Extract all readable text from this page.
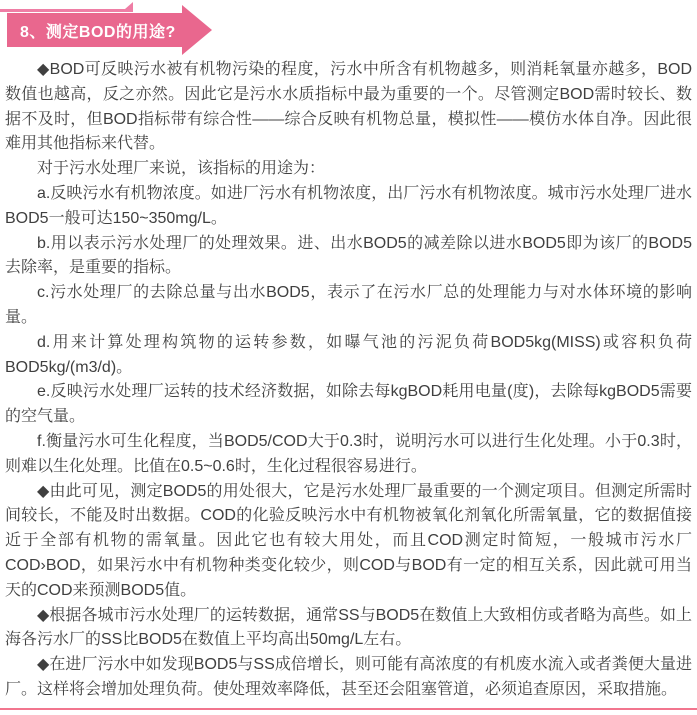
8、测定BOD的用途?

◆BOD可反映污水被有机物污染的程度，污水中所含有机物越多，则消耗氧量亦越多，BOD数值也越高，反之亦然。因此它是污水水质指标中最为重要的一个。尽管测定BOD需时较长、数据不及时，但BOD指标带有综合性——综合反映有机物总量，模拟性——模仿水体自净。因此很难用其他指标来代替。

对于污水处理厂来说，该指标的用途为：

a.反映污水有机物浓度。如进厂污水有机物浓度，出厂污水有机物浓度。城市污水处理厂进水BOD5一般可达150~350mg/L。

b.用以表示污水处理厂的处理效果。进、出水BOD5的减差除以进水BOD5即为该厂的BOD5去除率，是重要的指标。

c.污水处理厂的去除总量与出水BOD5，表示了在污水厂总的处理能力与对水体环境的影响量。

d.用来计算处理构筑物的运转参数，如曝气池的污泥负荷BOD5kg(MISS)或容积负荷BOD5kg/(m3/d)。

e.反映污水处理厂运转的技术经济数据，如除去每kgBOD耗用电量(度)，去除每kgBOD5需要的空气量。

f.衡量污水可生化程度，当BOD5/COD大于0.3时，说明污水可以进行生化处理。小于0.3时，则难以生化处理。比值在0.5~0.6时，生化过程很容易进行。

◆由此可见，测定BOD5的用处很大，它是污水处理厂最重要的一个测定项目。但测定所需时间较长，不能及时出数据。COD的化验反映污水中有机物被氧化剂氧化所需氧量，它的数据值接近于全部有机物的需氧量。因此它也有较大用处，而且COD测定时简短，一般城市污水厂COD›BOD，如果污水中有机物种类变化较少，则COD与BOD有一定的相互关系，因此就可用当天的COD来预测BOD5值。

◆根据各城市污水处理厂的运转数据，通常SS与BOD5在数值上大致相仿或者略为高些。如上海各污水厂的SS比BOD5在数值上平均高出50mg/L左右。

◆在进厂污水中如发现BOD5与SS成倍增长，则可能有高浓度的有机废水流入或者粪便大量进厂。这样将会增加处理负荷。使处理效率降低，甚至还会阻塞管道，必须追查原因，采取措施。
